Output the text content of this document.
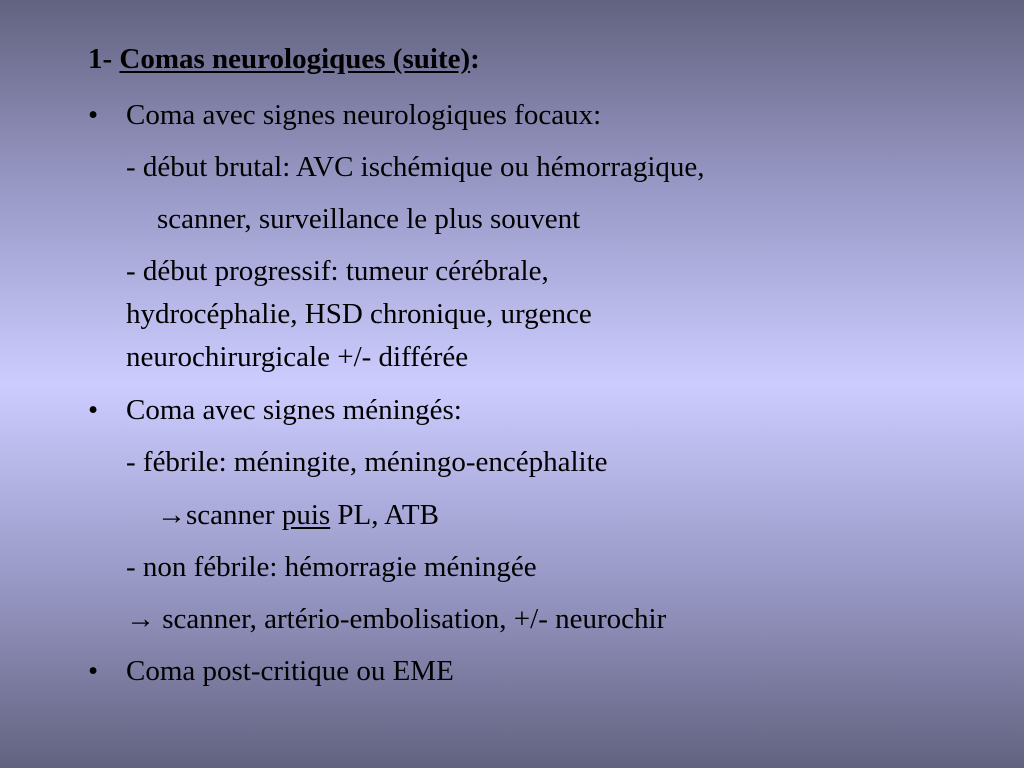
1- Comas neurologiques (suite):
• Coma avec signes neurologiques focaux:
- début brutal: AVC ischémique ou hémorragique,
scanner, surveillance le plus souvent
- début progressif: tumeur cérébrale,
hydrocéphalie, HSD chronique, urgence
neurochirurgicale +/- différée
• Coma avec signes méningés:
- fébrile: méningite, méningo-encéphalite
→scanner puis PL, ATB
- non fébrile: hémorragie méningée
→ scanner, artério-embolisation, +/- neurochir
• Coma post-critique ou EME
